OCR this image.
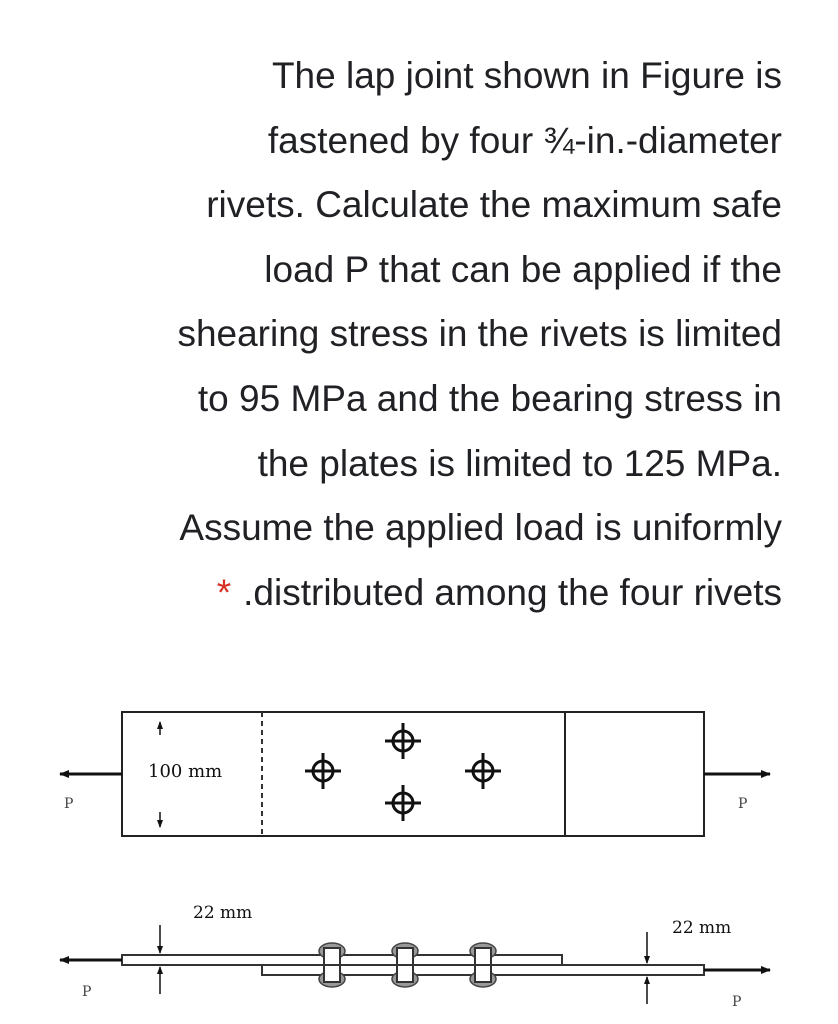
The lap joint shown in Figure is
fastened by four ¾-in.-diameter
rivets. Calculate the maximum safe
load P that can be applied if the
shearing stress in the rivets is limited
to 95 MPa and the bearing stress in
the plates is limited to 125 MPa.
Assume the applied load is uniformly
* .distributed among the four rivets
100 mm
P	P
22 mm
22 mm
P
P
